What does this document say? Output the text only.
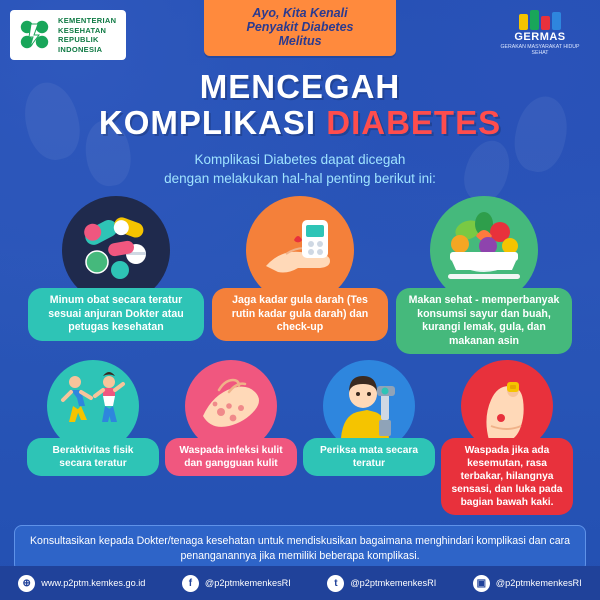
KEMENTERIAN
KESEHATAN
REPUBLIK
INDONESIA
Ayo, Kita Kenali
Penyakit Diabetes
Melitus	GERMAS
GERAKAN MASYARAKAT HIDUP SEHAT
MENCEGAH
KOMPLIKASI DIABETES
Komplikasi Diabetes dapat dicegah
dengan melakukan hal-hal penting berikut ini:
Minum obat secara teratur sesuai anjuran Dokter atau petugas kesehatan
Jaga kadar gula darah (Tes rutin kadar gula darah) dan check-up
Makan sehat - memperbanyak konsumsi sayur dan buah, kurangi lemak, gula, dan makanan asin
Beraktivitas fisik secara teratur
Waspada infeksi kulit dan gangguan kulit
Periksa mata secara teratur
Waspada jika ada kesemutan, rasa terbakar, hilangnya sensasi, dan luka pada bagian bawah kaki.
Konsultasikan kepada Dokter/tenaga kesehatan untuk mendiskusikan bagaimana menghindari komplikasi dan cara penanganannya jika memiliki beberapa komplikasi.
⊕	www.p2ptm.kemkes.go.id	f	@p2ptmkemenkesRI	t	@p2ptmkemenkesRI	▣	@p2ptmkemenkesRI
